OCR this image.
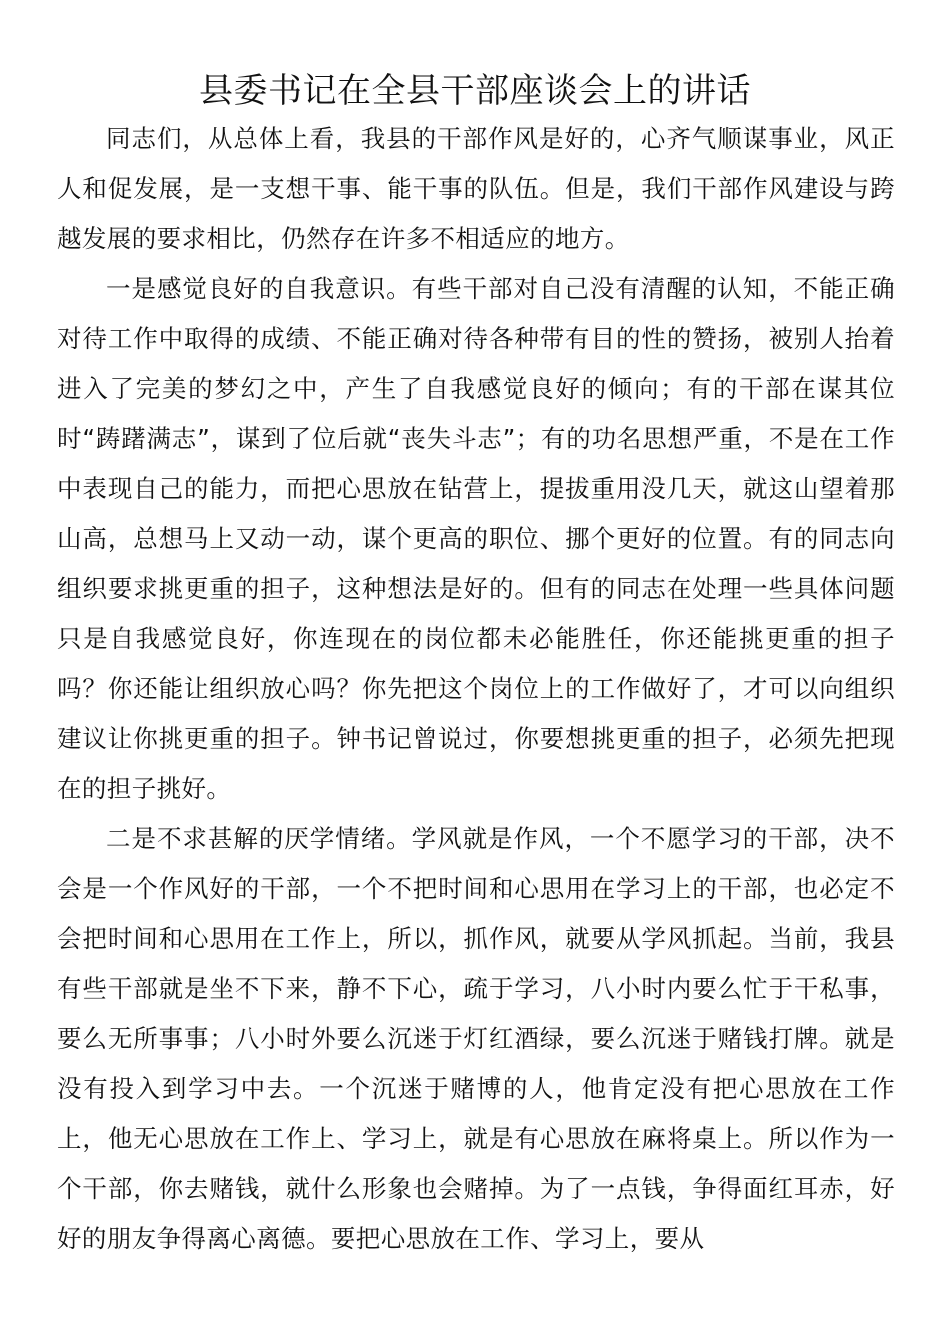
县委书记在全县干部座谈会上的讲话

同志们，从总体上看，我县的干部作风是好的，心齐气顺谋事业，风正人和促发展，是一支想干事、能干事的队伍。但是，我们干部作风建设与跨越发展的要求相比，仍然存在许多不相适应的地方。

一是感觉良好的自我意识。有些干部对自己没有清醒的认知，不能正确对待工作中取得的成绩、不能正确对待各种带有目的性的赞扬，被别人抬着进入了完美的梦幻之中，产生了自我感觉良好的倾向；有的干部在谋其位时“踌躇满志”，谋到了位后就“丧失斗志”；有的功名思想严重，不是在工作中表现自己的能力，而把心思放在钻营上，提拔重用没几天，就这山望着那山高，总想马上又动一动，谋个更高的职位、挪个更好的位置。有的同志向组织要求挑更重的担子，这种想法是好的。但有的同志在处理一些具体问题只是自我感觉良好，你连现在的岗位都未必能胜任，你还能挑更重的担子吗？你还能让组织放心吗？你先把这个岗位上的工作做好了，才可以向组织建议让你挑更重的担子。钟书记曾说过，你要想挑更重的担子，必须先把现在的担子挑好。

二是不求甚解的厌学情绪。学风就是作风，一个不愿学习的干部，决不会是一个作风好的干部，一个不把时间和心思用在学习上的干部，也必定不会把时间和心思用在工作上，所以，抓作风，就要从学风抓起。当前，我县有些干部就是坐不下来，静不下心，疏于学习，八小时内要么忙于干私事，要么无所事事；八小时外要么沉迷于灯红酒绿，要么沉迷于赌钱打牌。就是没有投入到学习中去。一个沉迷于赌博的人，他肯定没有把心思放在工作上，他无心思放在工作上、学习上，就是有心思放在麻将桌上。所以作为一个干部，你去赌钱，就什么形象也会赌掉。为了一点钱，争得面红耳赤，好好的朋友争得离心离德。要把心思放在工作、学习上，要从
